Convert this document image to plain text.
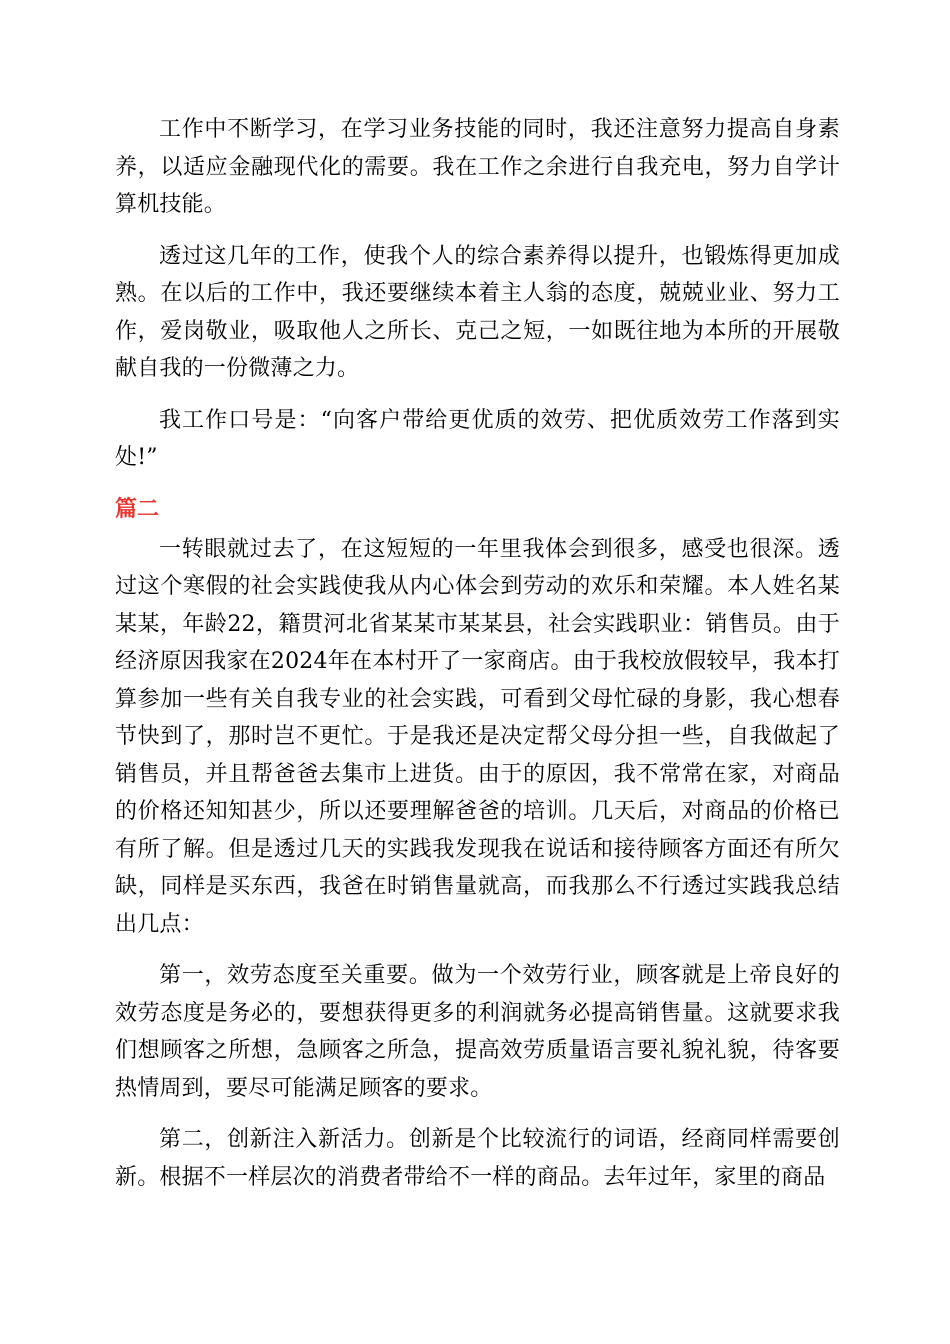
工作中不断学习，在学习业务技能的同时，我还注意努力提高自身素养，以适应金融现代化的需要。我在工作之余进行自我充电，努力自学计算机技能。

透过这几年的工作，使我个人的综合素养得以提升，也锻炼得更加成熟。在以后的工作中，我还要继续本着主人翁的态度，兢兢业业、努力工作，爱岗敬业，吸取他人之所长、克己之短，一如既往地为本所的开展敬献自我的一份微薄之力。

我工作口号是：“向客户带给更优质的效劳、把优质效劳工作落到实处!”

篇二

一转眼就过去了，在这短短的一年里我体会到很多，感受也很深。透过这个寒假的社会实践使我从内心体会到劳动的欢乐和荣耀。本人姓名某某某，年龄22，籍贯河北省某某市某某县，社会实践职业：销售员。由于经济原因我家在2024年在本村开了一家商店。由于我校放假较早，我本打算参加一些有关自我专业的社会实践，可看到父母忙碌的身影，我心想春节快到了，那时岂不更忙。于是我还是决定帮父母分担一些，自我做起了销售员，并且帮爸爸去集市上进货。由于的原因，我不常常在家，对商品的价格还知知甚少，所以还要理解爸爸的培训。几天后，对商品的价格已有所了解。但是透过几天的实践我发现我在说话和接待顾客方面还有所欠缺，同样是买东西，我爸在时销售量就高，而我那么不行透过实践我总结出几点：

第一，效劳态度至关重要。做为一个效劳行业，顾客就是上帝良好的效劳态度是务必的，要想获得更多的利润就务必提高销售量。这就要求我们想顾客之所想，急顾客之所急，提高效劳质量语言要礼貌礼貌，待客要热情周到，要尽可能满足顾客的要求。

第二，创新注入新活力。创新是个比较流行的词语，经商同样需要创新。根据不一样层次的消费者带给不一样的商品。去年过年，家里的商品
